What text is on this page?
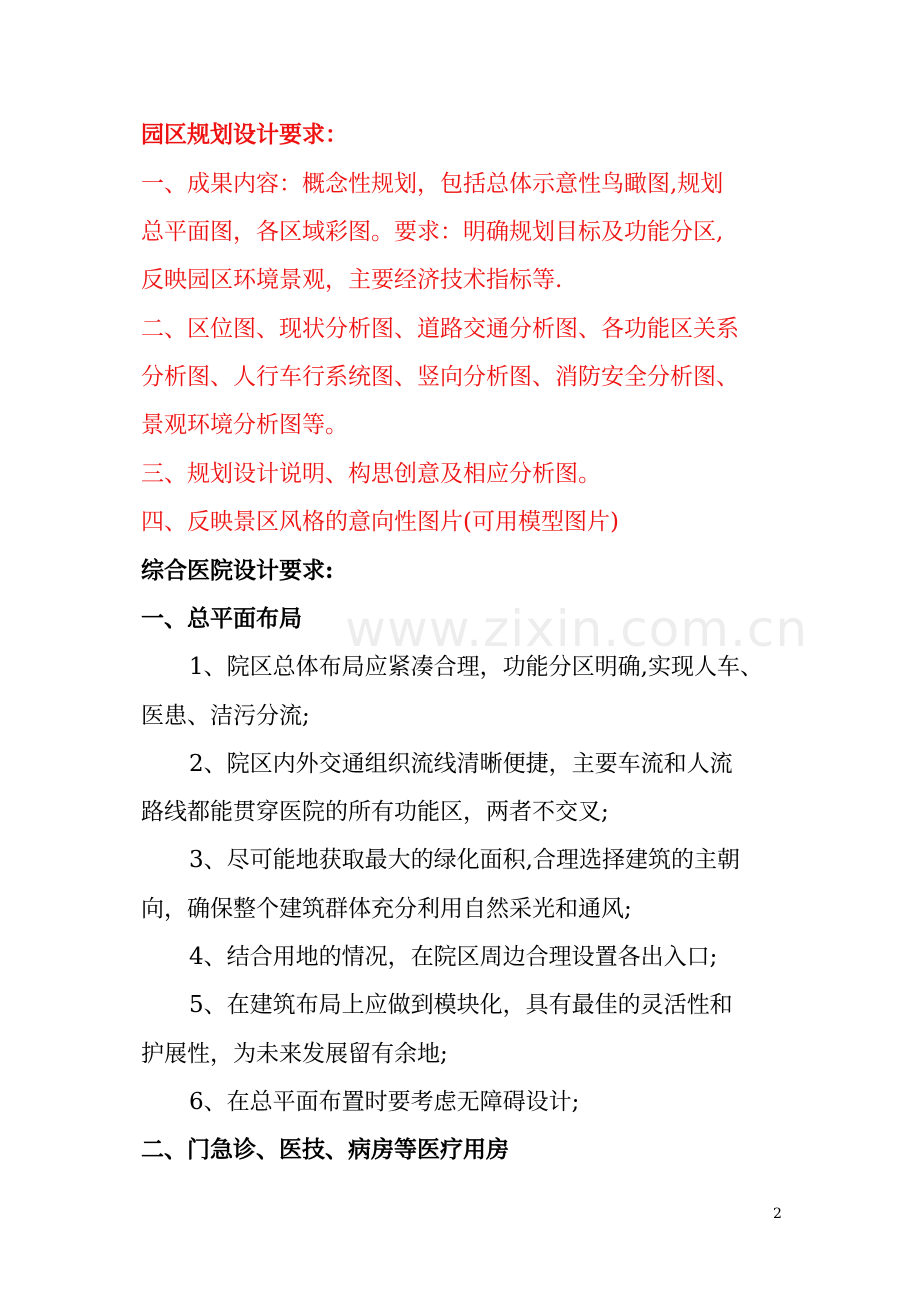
www.zixin.com.cn
园区规划设计要求：
一、成果内容：概念性规划，包括总体示意性鸟瞰图,规划
总平面图，各区域彩图。要求：明确规划目标及功能分区,
反映园区环境景观，主要经济技术指标等.
二、区位图、现状分析图、道路交通分析图、各功能区关系
分析图、人行车行系统图、竖向分析图、消防安全分析图、
景观环境分析图等。
三、规划设计说明、构思创意及相应分析图。
四、反映景区风格的意向性图片(可用模型图片)
综合医院设计要求:
一、总平面布局
1、院区总体布局应紧凑合理，功能分区明确,实现人车、
医患、洁污分流;
2、院区内外交通组织流线清晰便捷，主要车流和人流
路线都能贯穿医院的所有功能区，两者不交叉;
3、尽可能地获取最大的绿化面积,合理选择建筑的主朝
向，确保整个建筑群体充分利用自然采光和通风;
4、结合用地的情况，在院区周边合理设置各出入口;
5、在建筑布局上应做到模块化，具有最佳的灵活性和
护展性，为未来发展留有余地;
6、在总平面布置时要考虑无障碍设计;
二、门急诊、医技、病房等医疗用房
2
